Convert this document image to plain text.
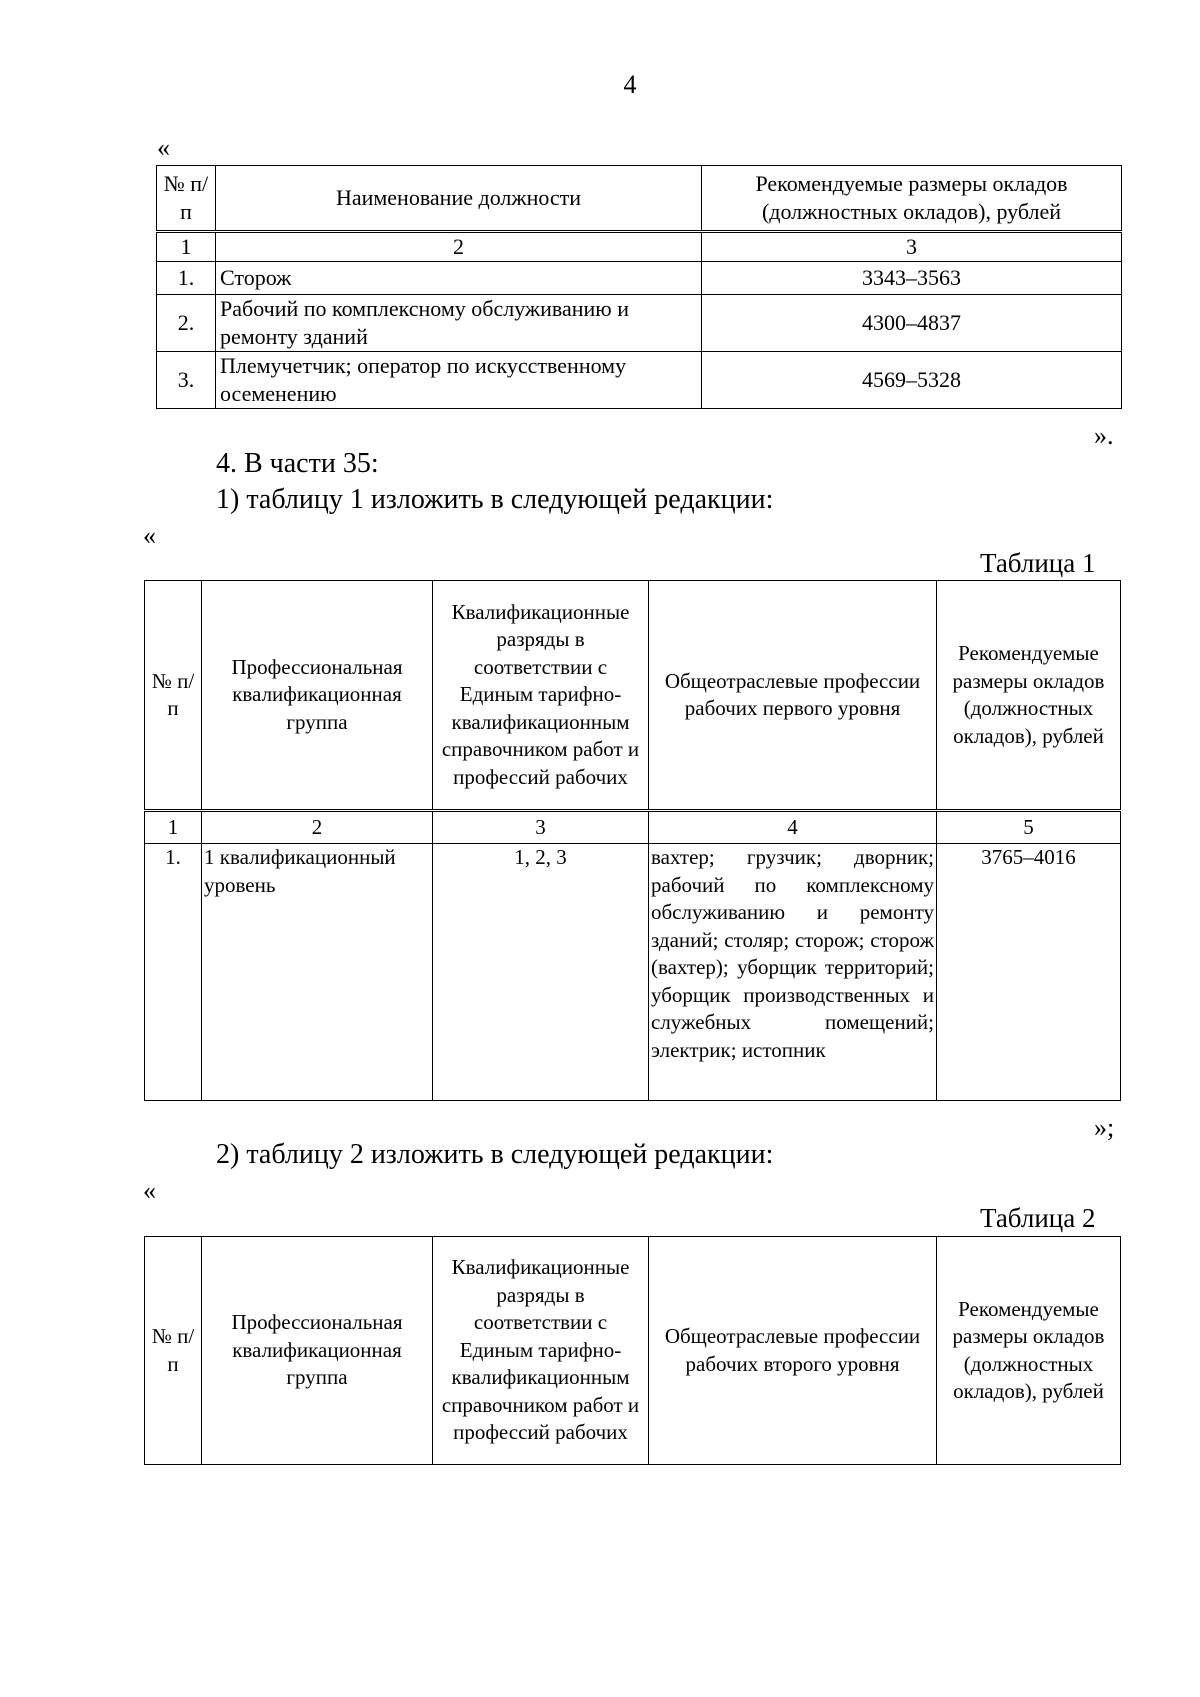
4
«
№ п/п	Наименование должности	Рекомендуемые размеры окладов (должностных окладов), рублей
1	2	3
1.	Сторож	3343–3563
2.	Рабочий по комплексному обслуживанию и ремонту зданий	4300–4837
3.	Племучетчик; оператор по искусственному осеменению	4569–5328
».
4. В части 35:
1) таблицу 1 изложить в следующей редакции:
«
Таблица 1
№ п/п	Профессиональная квалификационная группа	Квалификационные разряды в соответствии с Единым тарифно-квалификационным справочником работ и профессий рабочих	Общеотраслевые профессии рабочих первого уровня	Рекомендуемые размеры окладов (должностных окладов), рублей
1	2	3	4	5
1.	1 квалификационный уровень	1, 2, 3	вахтер; грузчик; дворник; рабочий по комплексному обслуживанию и ремонту зданий; столяр; сторож; сторож (вахтер); уборщик территорий; уборщик производственных и служебных помещений; электрик; истопник	3765–4016
»;
2) таблицу 2 изложить в следующей редакции:
«
Таблица 2
№ п/п	Профессиональная квалификационная группа	Квалификационные разряды в соответствии с Единым тарифно-квалификационным справочником работ и профессий рабочих	Общеотраслевые профессии рабочих второго уровня	Рекомендуемые размеры окладов (должностных окладов), рублей
